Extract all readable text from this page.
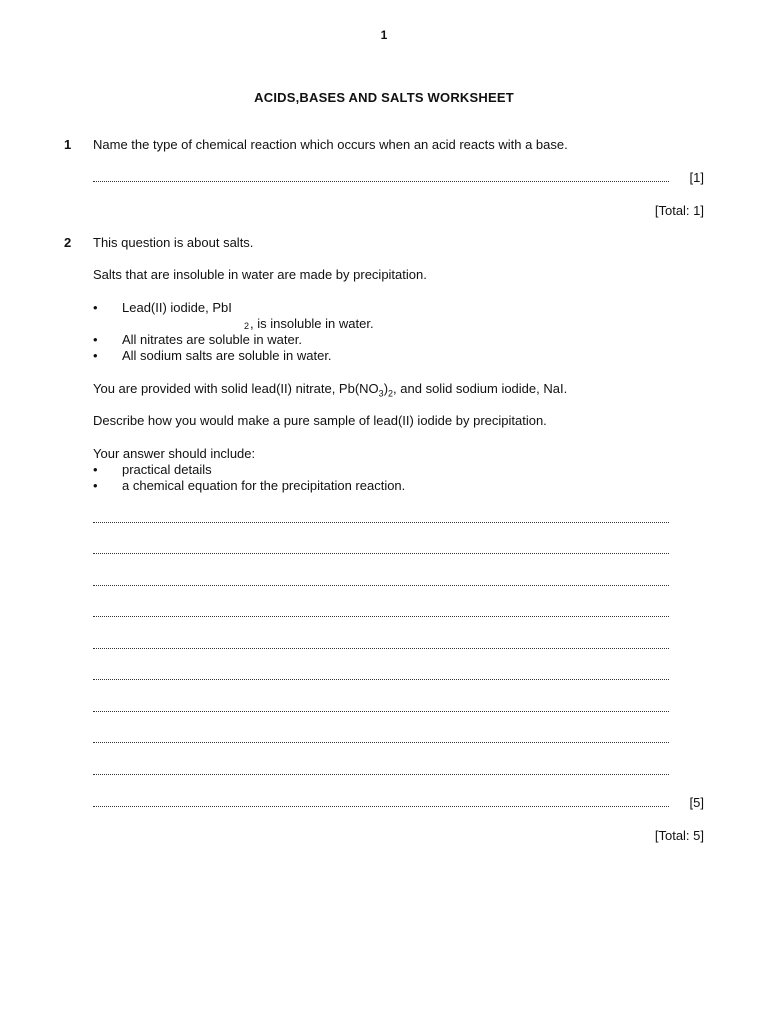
1
ACIDS,BASES AND SALTS WORKSHEET
1 Name the type of chemical reaction which occurs when an acid reacts with a base.
[1]
[Total: 1]
2 This question is about salts.
Salts that are insoluble in water are made by precipitation.
• Lead(II) iodide, PbI
2 , is insoluble in water.
• All nitrates are soluble in water.
• All sodium salts are soluble in water.
You are provided with solid lead(II) nitrate, $Pb(NO_3)_2$, and solid sodium iodide, NaI.
Describe how you would make a pure sample of lead(II) iodide by precipitation.
Your answer should include:
• practical details
• a chemical equation for the precipitation reaction.
[5]
[Total: 5]
